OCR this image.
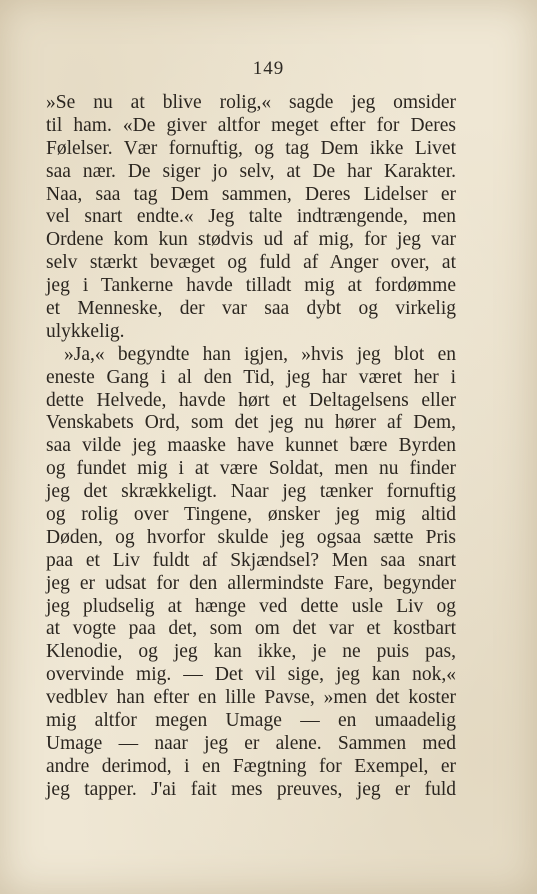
149
»Se nu at blive rolig,« sagde jeg omsider
til ham. «De giver altfor meget efter for Deres
Følelser. Vær fornuftig, og tag Dem ikke Livet
saa nær. De siger jo selv, at De har Karakter.
Naa, saa tag Dem sammen, Deres Lidelser er
vel snart endte.« Jeg talte indtrængende, men
Ordene kom kun stødvis ud af mig, for jeg var
selv stærkt bevæget og fuld af Anger over, at
jeg i Tankerne havde tilladt mig at fordømme
et Menneske, der var saa dybt og virkelig
ulykkelig.
»Ja,« begyndte han igjen, »hvis jeg blot en
eneste Gang i al den Tid, jeg har været her i
dette Helvede, havde hørt et Deltagelsens eller
Venskabets Ord, som det jeg nu hører af Dem,
saa vilde jeg maaske have kunnet bære Byrden
og fundet mig i at være Soldat, men nu finder
jeg det skrækkeligt. Naar jeg tænker fornuftig
og rolig over Tingene, ønsker jeg mig altid
Døden, og hvorfor skulde jeg ogsaa sætte Pris
paa et Liv fuldt af Skjændsel? Men saa snart
jeg er udsat for den allermindste Fare, begynder
jeg pludselig at hænge ved dette usle Liv og
at vogte paa det, som om det var et kostbart
Klenodie, og jeg kan ikke, je ne puis pas,
overvinde mig. — Det vil sige, jeg kan nok,«
vedblev han efter en lille Pavse, »men det koster
mig altfor megen Umage — en umaadelig
Umage — naar jeg er alene. Sammen med
andre derimod, i en Fægtning for Exempel, er
jeg tapper. J'ai fait mes preuves, jeg er fuld
